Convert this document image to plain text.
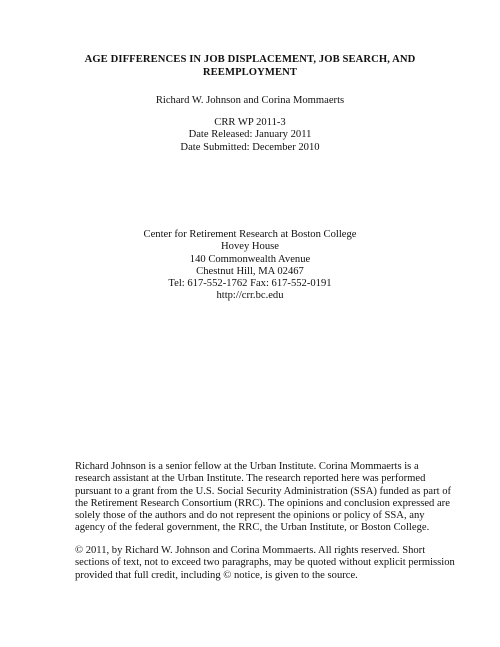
AGE DIFFERENCES IN JOB DISPLACEMENT, JOB SEARCH, AND
REEMPLOYMENT
Richard W. Johnson and Corina Mommaerts
CRR WP 2011-3
Date Released: January 2011
Date Submitted: December 2010
Center for Retirement Research at Boston College
Hovey House
140 Commonwealth Avenue
Chestnut Hill, MA 02467
Tel: 617-552-1762 Fax: 617-552-0191
http://crr.bc.edu
Richard Johnson is a senior fellow at the Urban Institute. Corina Mommaerts is a
research assistant at the Urban Institute. The research reported here was performed
pursuant to a grant from the U.S. Social Security Administration (SSA) funded as part of
the Retirement Research Consortium (RRC). The opinions and conclusion expressed are
solely those of the authors and do not represent the opinions or policy of SSA, any
agency of the federal government, the RRC, the Urban Institute, or Boston College.
© 2011, by Richard W. Johnson and Corina Mommaerts. All rights reserved. Short
sections of text, not to exceed two paragraphs, may be quoted without explicit permission
provided that full credit, including © notice, is given to the source.
